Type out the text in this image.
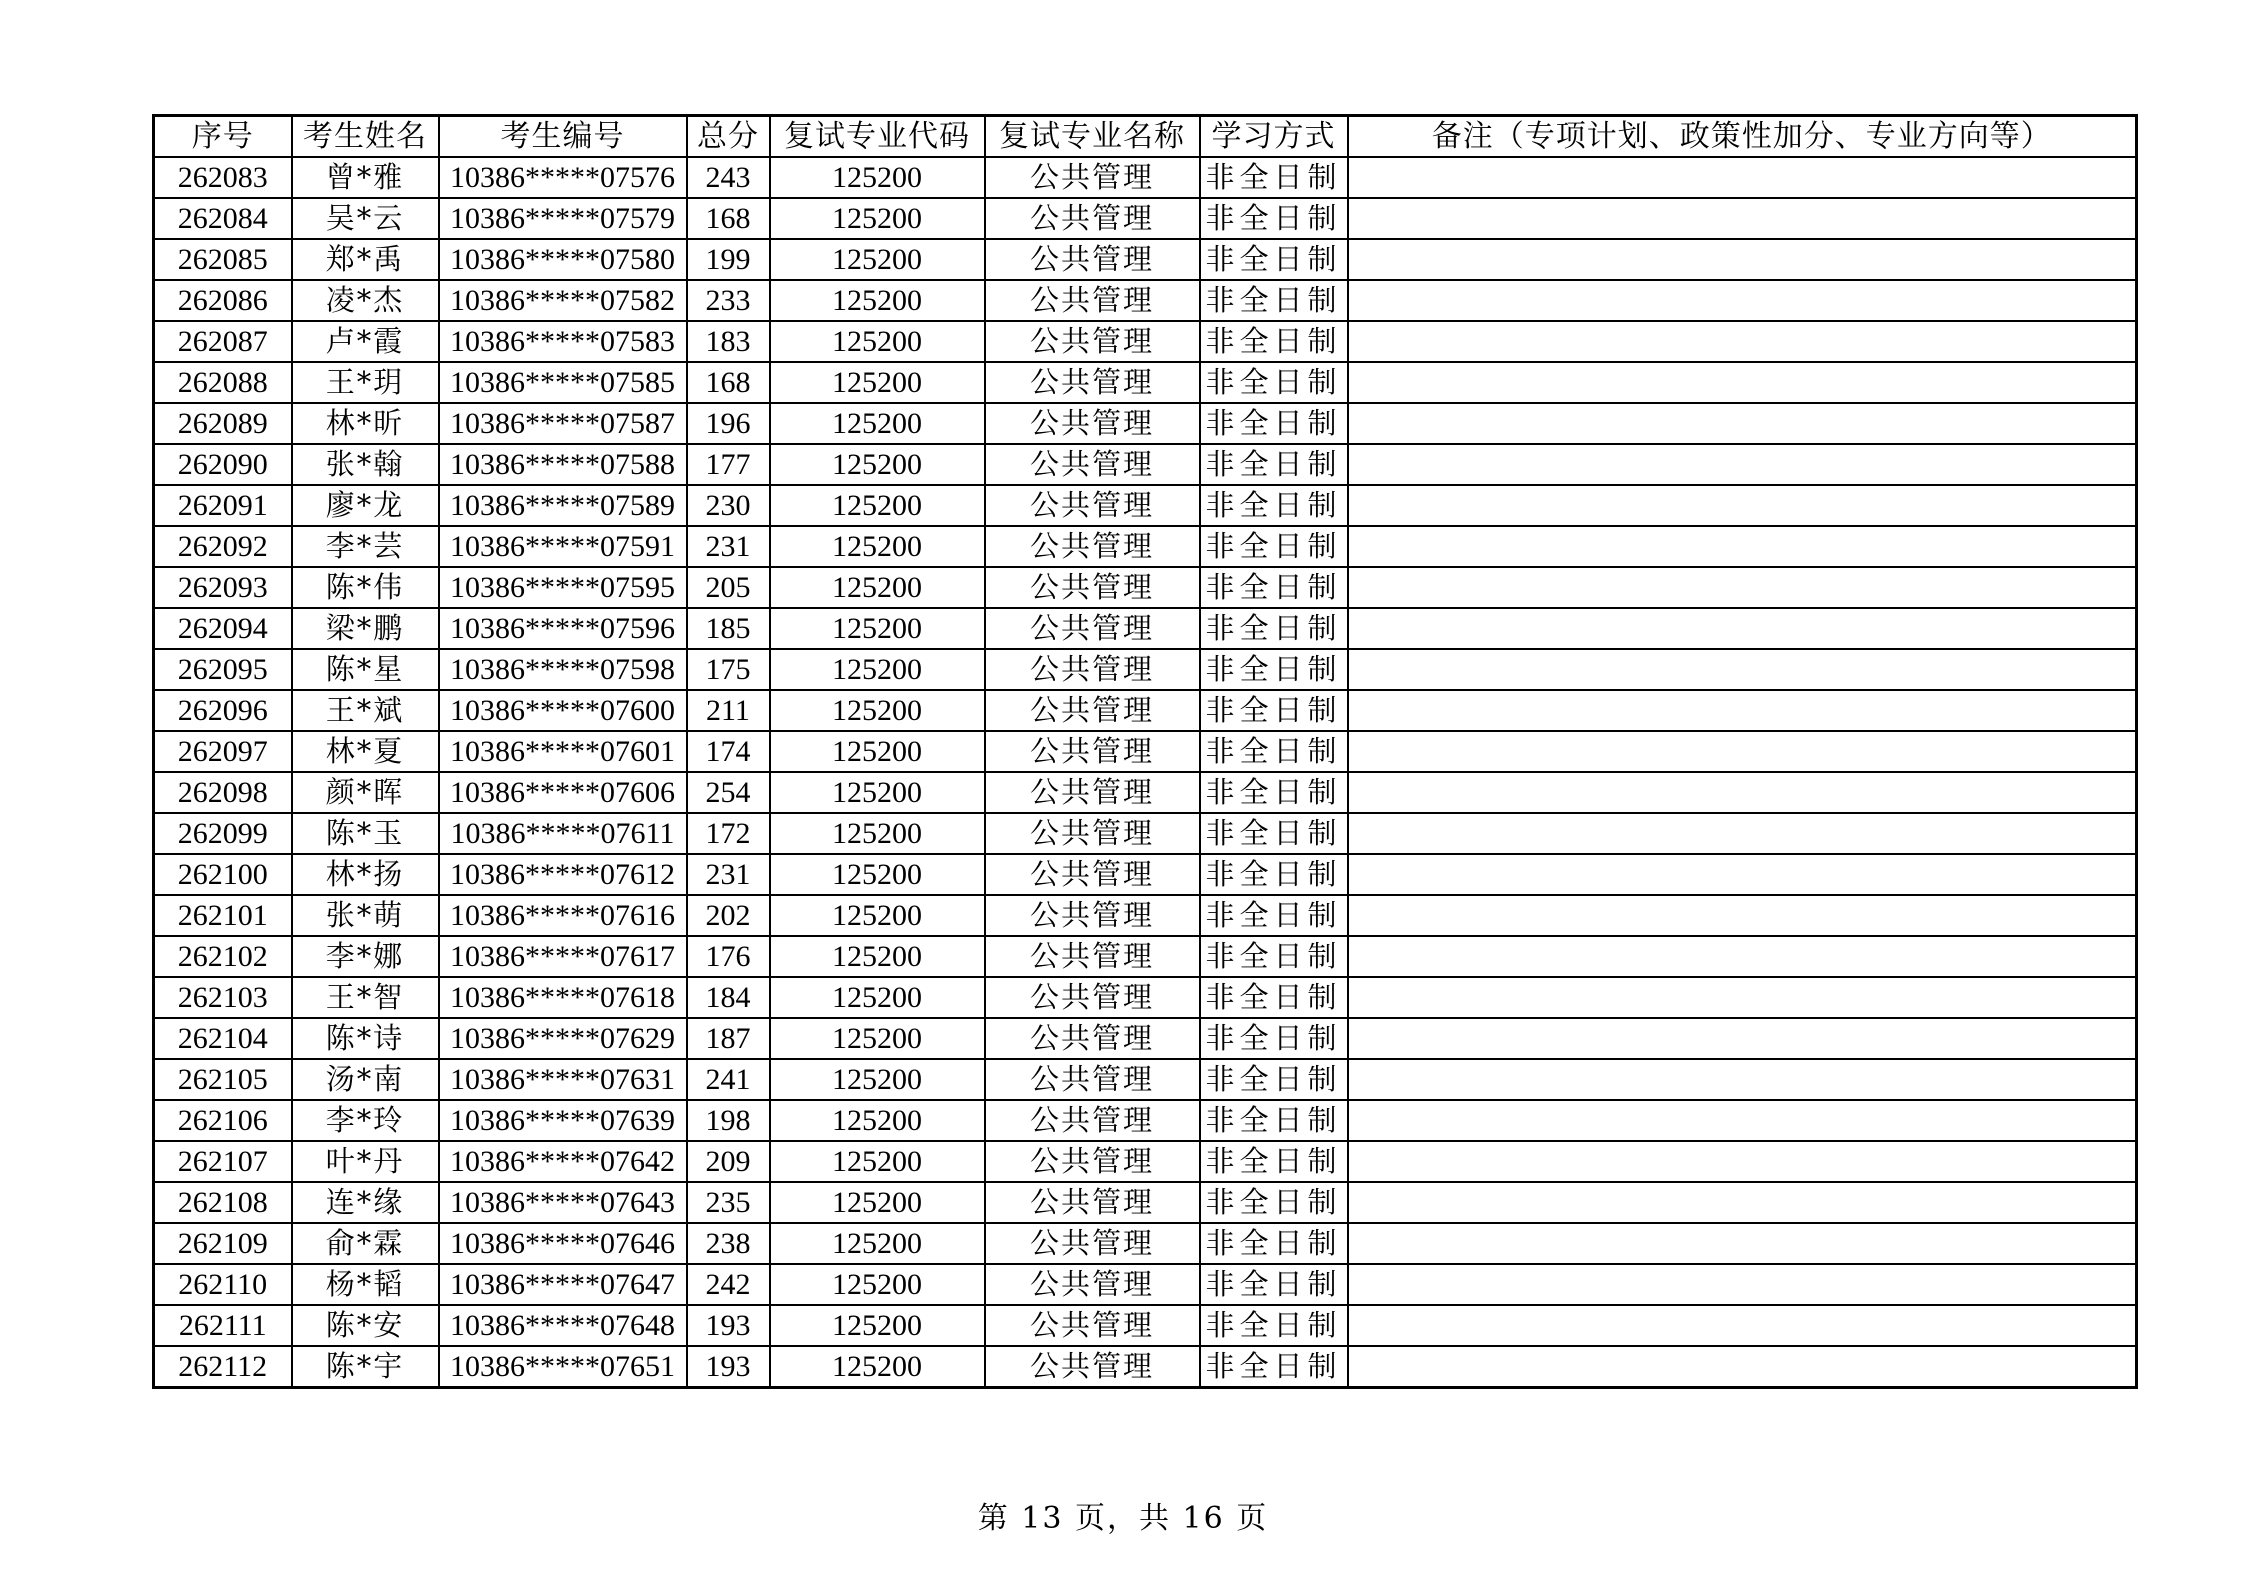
序号	考生姓名	考生编号	总分	复试专业代码	复试专业名称	学习方式	备注（专项计划、政策性加分、专业方向等）
262083	曾*雅	10386*****07576	243	125200	公共管理	非全日制	
262084	吴*云	10386*****07579	168	125200	公共管理	非全日制	
262085	郑*禹	10386*****07580	199	125200	公共管理	非全日制	
262086	凌*杰	10386*****07582	233	125200	公共管理	非全日制	
262087	卢*霞	10386*****07583	183	125200	公共管理	非全日制	
262088	王*玥	10386*****07585	168	125200	公共管理	非全日制	
262089	林*昕	10386*****07587	196	125200	公共管理	非全日制	
262090	张*翰	10386*****07588	177	125200	公共管理	非全日制	
262091	廖*龙	10386*****07589	230	125200	公共管理	非全日制	
262092	李*芸	10386*****07591	231	125200	公共管理	非全日制	
262093	陈*伟	10386*****07595	205	125200	公共管理	非全日制	
262094	梁*鹏	10386*****07596	185	125200	公共管理	非全日制	
262095	陈*星	10386*****07598	175	125200	公共管理	非全日制	
262096	王*斌	10386*****07600	211	125200	公共管理	非全日制	
262097	林*夏	10386*****07601	174	125200	公共管理	非全日制	
262098	颜*晖	10386*****07606	254	125200	公共管理	非全日制	
262099	陈*玉	10386*****07611	172	125200	公共管理	非全日制	
262100	林*扬	10386*****07612	231	125200	公共管理	非全日制	
262101	张*萌	10386*****07616	202	125200	公共管理	非全日制	
262102	李*娜	10386*****07617	176	125200	公共管理	非全日制	
262103	王*智	10386*****07618	184	125200	公共管理	非全日制	
262104	陈*诗	10386*****07629	187	125200	公共管理	非全日制	
262105	汤*南	10386*****07631	241	125200	公共管理	非全日制	
262106	李*玲	10386*****07639	198	125200	公共管理	非全日制	
262107	叶*丹	10386*****07642	209	125200	公共管理	非全日制	
262108	连*缘	10386*****07643	235	125200	公共管理	非全日制	
262109	俞*霖	10386*****07646	238	125200	公共管理	非全日制	
262110	杨*韬	10386*****07647	242	125200	公共管理	非全日制	
262111	陈*安	10386*****07648	193	125200	公共管理	非全日制	
262112	陈*宇	10386*****07651	193	125200	公共管理	非全日制	
第 13 页，共 16 页
